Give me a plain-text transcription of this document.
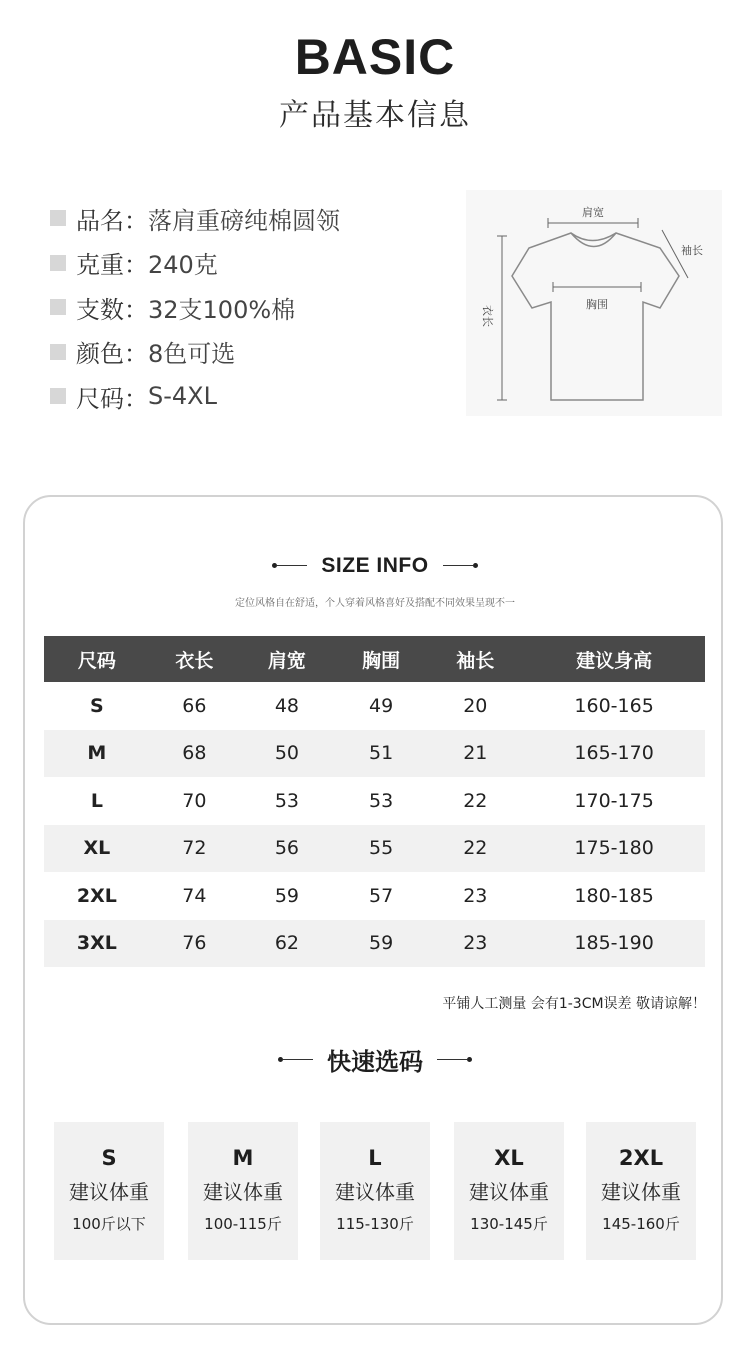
BASIC
产品基本信息
品名： 落肩重磅纯棉圆领
克重： 240克
支数： 32支100%棉
颜色： 8色可选
尺码： S-4XL
肩宽
袖长
胸围
衣长
SIZE INFO
定位风格自在舒适，个人穿着风格喜好及搭配不同效果呈现不一
尺码	衣长	肩宽	胸围	袖长	建议身高
S	66	48	49	20	160-165
M	68	50	51	21	165-170
L	70	53	53	22	170-175
XL	72	56	55	22	175-180
2XL	74	59	57	23	180-185
3XL	76	62	59	23	185-190
平铺人工测量 会有1-3CM误差 敬请谅解！
快速选码
S
建议体重
100斤以下
M
建议体重
100-115斤
L
建议体重
115-130斤
XL
建议体重
130-145斤
2XL
建议体重
145-160斤
